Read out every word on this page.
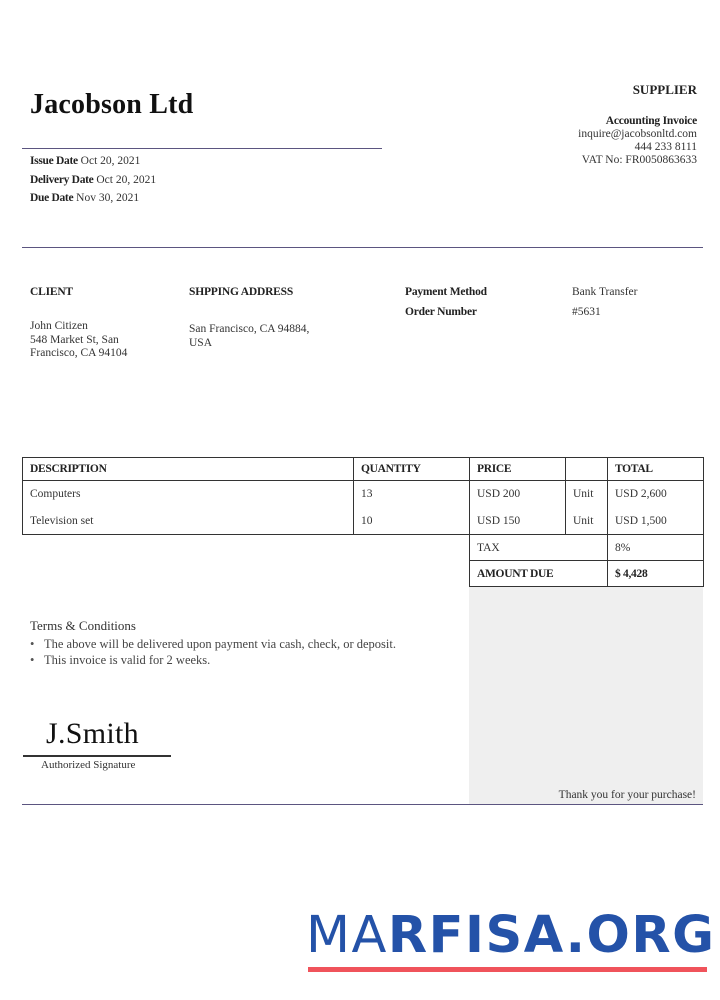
Jacobson Ltd
Issue Date Oct 20, 2021
Delivery Date Oct 20, 2021
Due Date Nov 30, 2021
SUPPLIER
Accounting Invoice
inquire@jacobsonltd.com
444 233 8111
VAT No: FR0050863633
CLIENT
John Citizen
548 Market St, San
Francisco, CA 94104
SHPPING ADDRESS
San Francisco, CA 94884,
USA
Payment Method	Bank Transfer
Order Number	#5631
DESCRIPTION	QUANTITY	PRICE		TOTAL
Computers	13	USD 200	Unit	USD 2,600
Television set	10	USD 150	Unit	USD 1,500
		TAX		8%
		AMOUNT DUE		$ 4,428
Terms & Conditions
• The above will be delivered upon payment via cash, check, or deposit.
• This invoice is valid for 2 weeks.
J.Smith
Authorized Signature
Thank you for your purchase!
MARFISA.ORG
